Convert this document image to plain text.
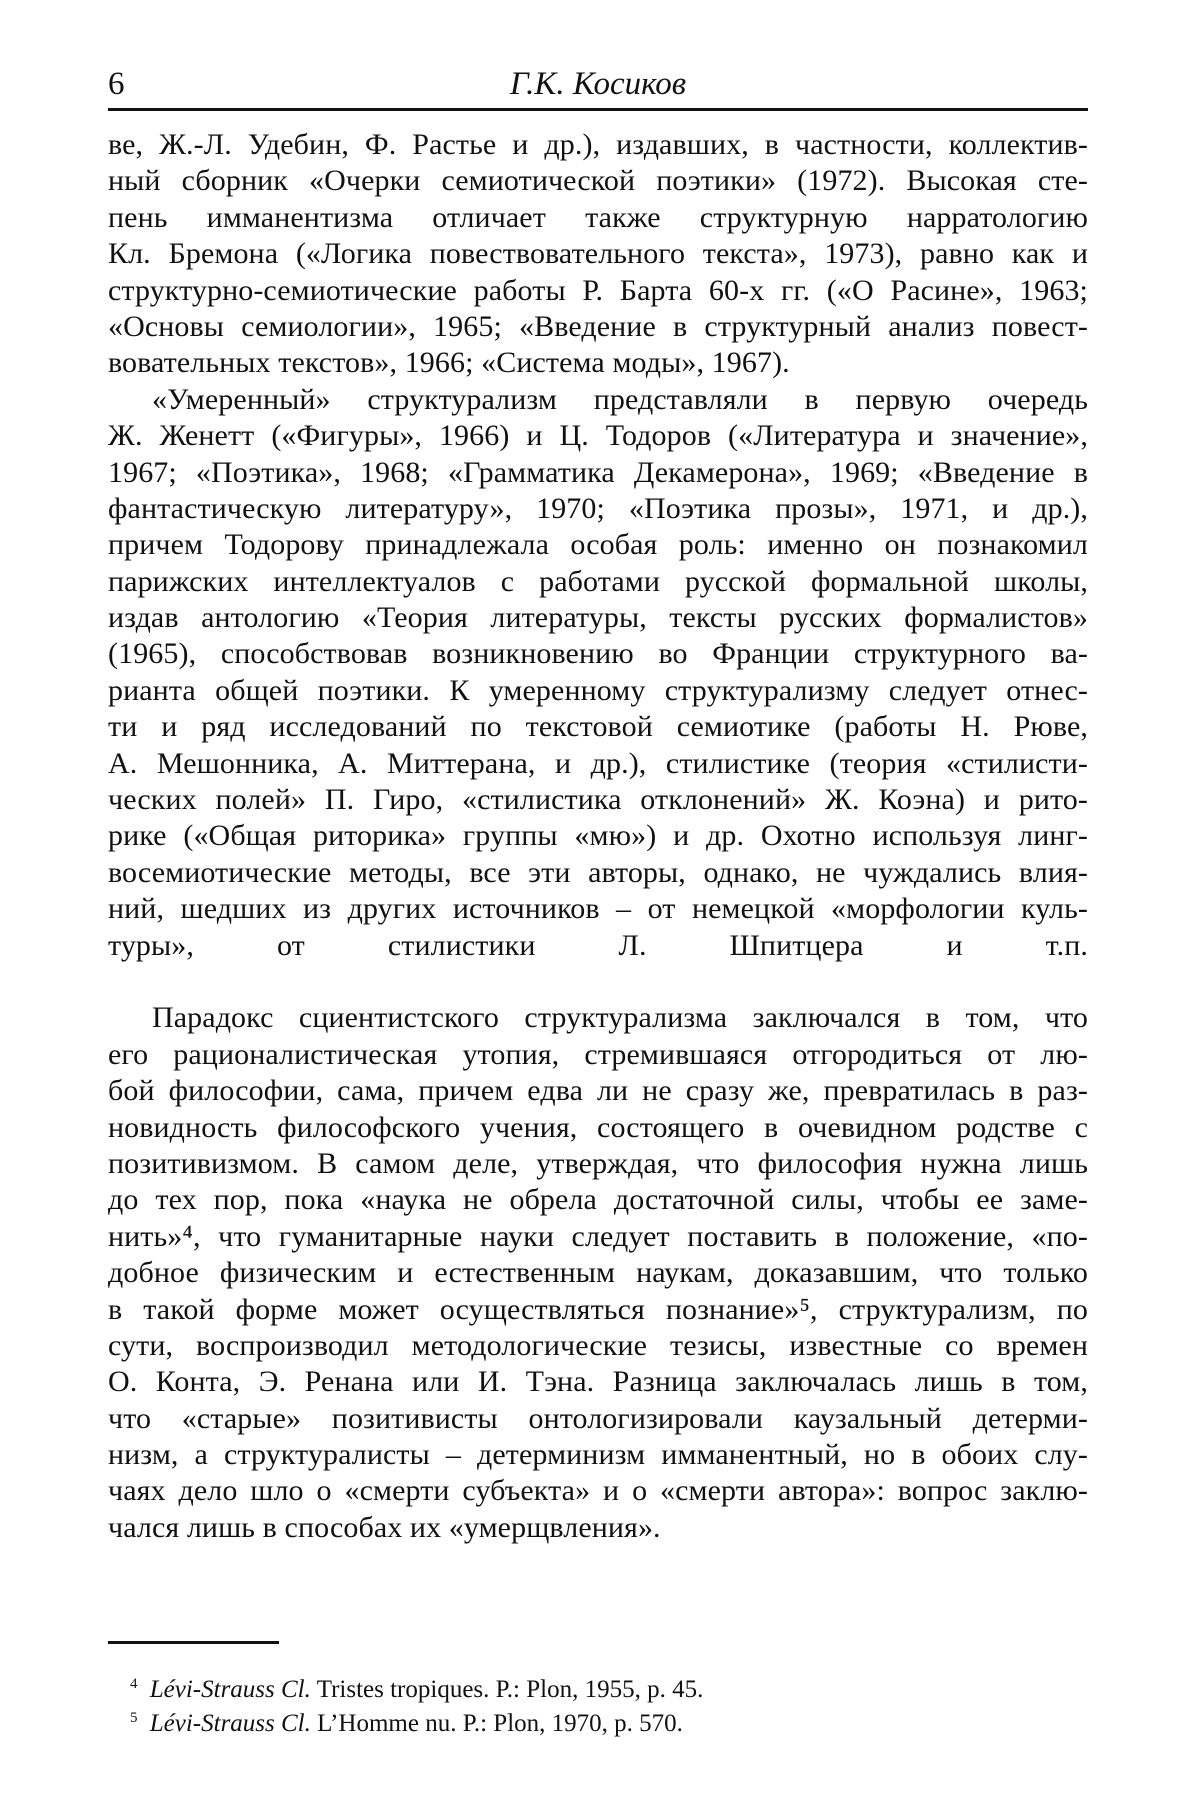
6	Г.К. Косиков
ве, Ж.-Л. Удебин, Ф. Растье и др.), издавших, в частности, коллектив-
ный сборник «Очерки семиотической поэтики» (1972). Высокая сте-
пень имманентизма отличает также структурную нарратологию
Кл. Бремона («Логика повествовательного текста», 1973), равно как и
структурно-семиотические работы Р. Барта 60-х гг. («О Расине», 1963;
«Основы семиологии», 1965; «Введение в структурный анализ повест-
вовательных текстов», 1966; «Система моды», 1967).
«Умеренный» структурализм представляли в первую очередь
Ж. Женетт («Фигуры», 1966) и Ц. Тодоров («Литература и значение»,
1967; «Поэтика», 1968; «Грамматика Декамерона», 1969; «Введение в
фантастическую литературу», 1970; «Поэтика прозы», 1971, и др.),
причем Тодорову принадлежала особая роль: именно он познакомил
парижских интеллектуалов с работами русской формальной школы,
издав антологию «Теория литературы, тексты русских формалистов»
(1965), способствовав возникновению во Франции структурного ва-
рианта общей поэтики. К умеренному структурализму следует отнес-
ти и ряд исследований по текстовой семиотике (работы Н. Рюве,
А. Мешонника, А. Миттерана, и др.), стилистике (теория «стилисти-
ческих полей» П. Гиро, «стилистика отклонений» Ж. Коэна) и рито-
рике («Общая риторика» группы «мю») и др. Охотно используя линг-
восемиотические методы, все эти авторы, однако, не чуждались влия-
ний, шедших из других источников – от немецкой «морфологии куль-
туры», от стилистики Л. Шпитцера и т.п.
Парадокс сциентистского структурализма заключался в том, что
его рационалистическая утопия, стремившаяся отгородиться от лю-
бой философии, сама, причем едва ли не сразу же, превратилась в раз-
новидность философского учения, состоящего в очевидном родстве с
позитивизмом. В самом деле, утверждая, что философия нужна лишь
до тех пор, пока «наука не обрела достаточной силы, чтобы ее заме-
нить»⁴, что гуманитарные науки следует поставить в положение, «по-
добное физическим и естественным наукам, доказавшим, что только
в такой форме может осуществляться познание»⁵, структурализм, по
сути, воспроизводил методологические тезисы, известные со времен
О. Конта, Э. Ренана или И. Тэна. Разница заключалась лишь в том,
что «старые» позитивисты онтологизировали каузальный детерми-
низм, а структуралисты – детерминизм имманентный, но в обоих слу-
чаях дело шло о «смерти субъекта» и о «смерти автора»: вопрос заклю-
чался лишь в способах их «умерщвления».
$^4$ Lévi-Strauss Cl. Tristes tropiques. P.: Plon, 1955, p. 45.
$^5$ Lévi-Strauss Cl. L’Homme nu. P.: Plon, 1970, p. 570.
